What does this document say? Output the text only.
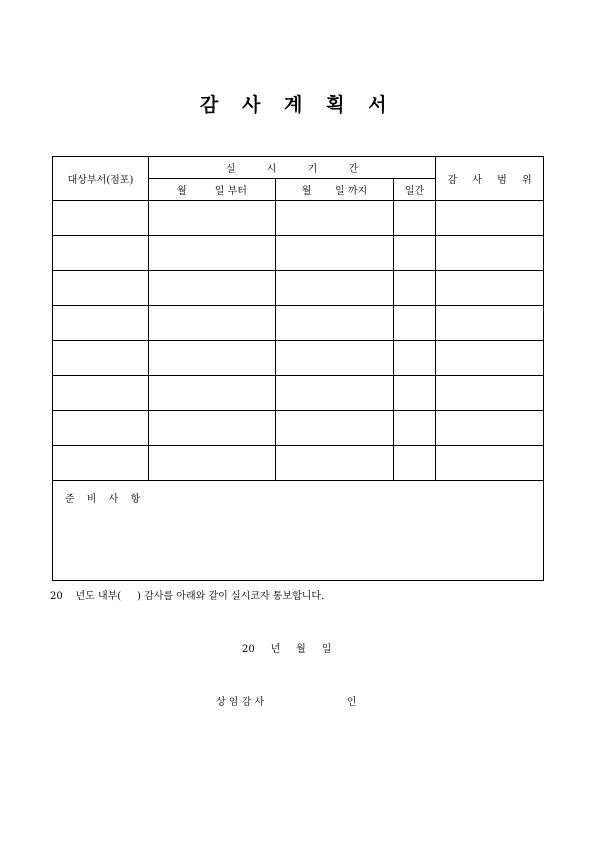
감 사 계 획 서
대상부서(점포)	실 시 기 간			감 사 범 위

	월 일 부터	월 일 까지	일간	

준 비 사 항				
20    년도 내부(     ) 감사를 아래와 같이 실시코자 통보합니다.
20     년     월     일
상 임 감 사                          인
